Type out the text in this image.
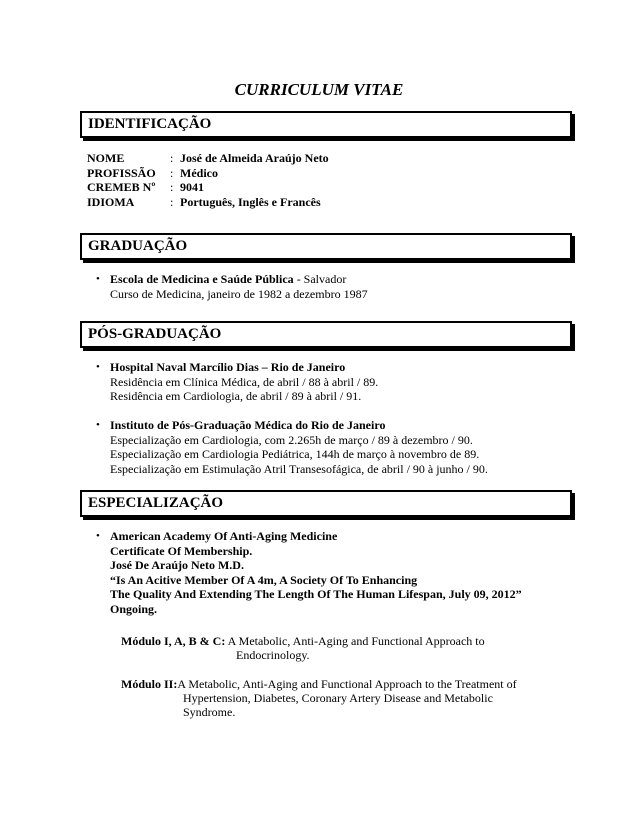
CURRICULUM VITAE
IDENTIFICAÇÃO
NOME	: José de Almeida Araújo Neto
PROFISSÃO	: Médico
CREMEB Nº	: 9041
IDIOMA	: Português, Inglês e Francês
GRADUAÇÃO
• Escola de Medicina e Saúde Pública - Salvador
Curso de Medicina, janeiro de 1982 a dezembro 1987
PÓS-GRADUAÇÃO
• Hospital Naval Marcílio Dias – Rio de Janeiro
Residência em Clínica Médica, de abril / 88 à abril / 89.
Residência em Cardiologia, de abril / 89 à abril / 91.
• Instituto de Pós-Graduação Médica do Rio de Janeiro
Especialização em Cardiologia, com 2.265h de março / 89 à dezembro / 90.
Especialização em Cardiologia Pediátrica, 144h de março à novembro de 89.
Especialização em Estimulação Atril Transesofágica, de abril / 90 à junho / 90.
ESPECIALIZAÇÃO
• American Academy Of Anti-Aging Medicine
Certificate Of Membership.
José De Araújo Neto M.D.
“Is An Acitive Member Of A 4m, A Society Of To Enhancing
The Quality And Extending The Length Of The Human Lifespan, July 09, 2012”
Ongoing.
Módulo I, A, B & C: A Metabolic, Anti-Aging and Functional Approach to
Endocrinology.
Módulo II:A Metabolic, Anti-Aging and Functional Approach to the Treatment of
Hypertension, Diabetes, Coronary Artery Disease and Metabolic
Syndrome.
